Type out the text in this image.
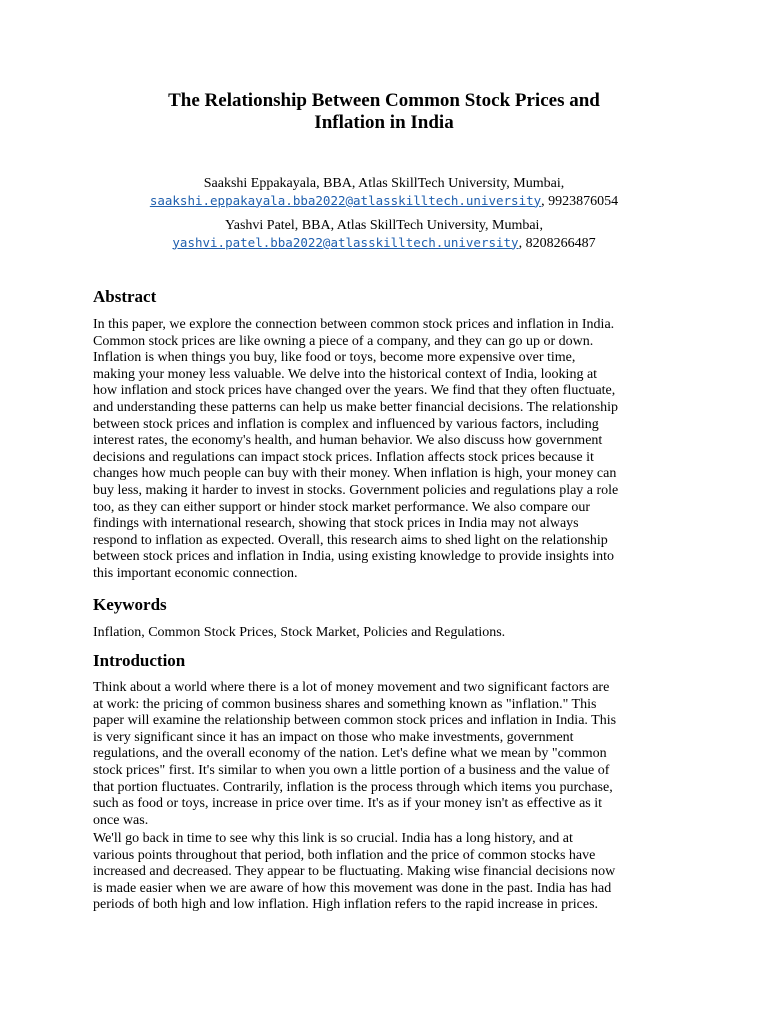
The Relationship Between Common Stock Prices and
Inflation in India
Saakshi Eppakayala, BBA, Atlas SkillTech University, Mumbai,
saakshi.eppakayala.bba2022@atlasskilltech.university, 9923876054
Yashvi Patel, BBA, Atlas SkillTech University, Mumbai,
yashvi.patel.bba2022@atlasskilltech.university, 8208266487
Abstract
In this paper, we explore the connection between common stock prices and inflation in India.
Common stock prices are like owning a piece of a company, and they can go up or down.
Inflation is when things you buy, like food or toys, become more expensive over time,
making your money less valuable. We delve into the historical context of India, looking at
how inflation and stock prices have changed over the years. We find that they often fluctuate,
and understanding these patterns can help us make better financial decisions. The relationship
between stock prices and inflation is complex and influenced by various factors, including
interest rates, the economy's health, and human behavior. We also discuss how government
decisions and regulations can impact stock prices. Inflation affects stock prices because it
changes how much people can buy with their money. When inflation is high, your money can
buy less, making it harder to invest in stocks. Government policies and regulations play a role
too, as they can either support or hinder stock market performance. We also compare our
findings with international research, showing that stock prices in India may not always
respond to inflation as expected. Overall, this research aims to shed light on the relationship
between stock prices and inflation in India, using existing knowledge to provide insights into
this important economic connection.
Keywords
Inflation, Common Stock Prices, Stock Market, Policies and Regulations.
Introduction
Think about a world where there is a lot of money movement and two significant factors are
at work: the pricing of common business shares and something known as "inflation." This
paper will examine the relationship between common stock prices and inflation in India. This
is very significant since it has an impact on those who make investments, government
regulations, and the overall economy of the nation. Let's define what we mean by "common
stock prices" first. It's similar to when you own a little portion of a business and the value of
that portion fluctuates. Contrarily, inflation is the process through which items you purchase,
such as food or toys, increase in price over time. It's as if your money isn't as effective as it
once was.
We'll go back in time to see why this link is so crucial. India has a long history, and at
various points throughout that period, both inflation and the price of common stocks have
increased and decreased. They appear to be fluctuating. Making wise financial decisions now
is made easier when we are aware of how this movement was done in the past. India has had
periods of both high and low inflation. High inflation refers to the rapid increase in prices.
